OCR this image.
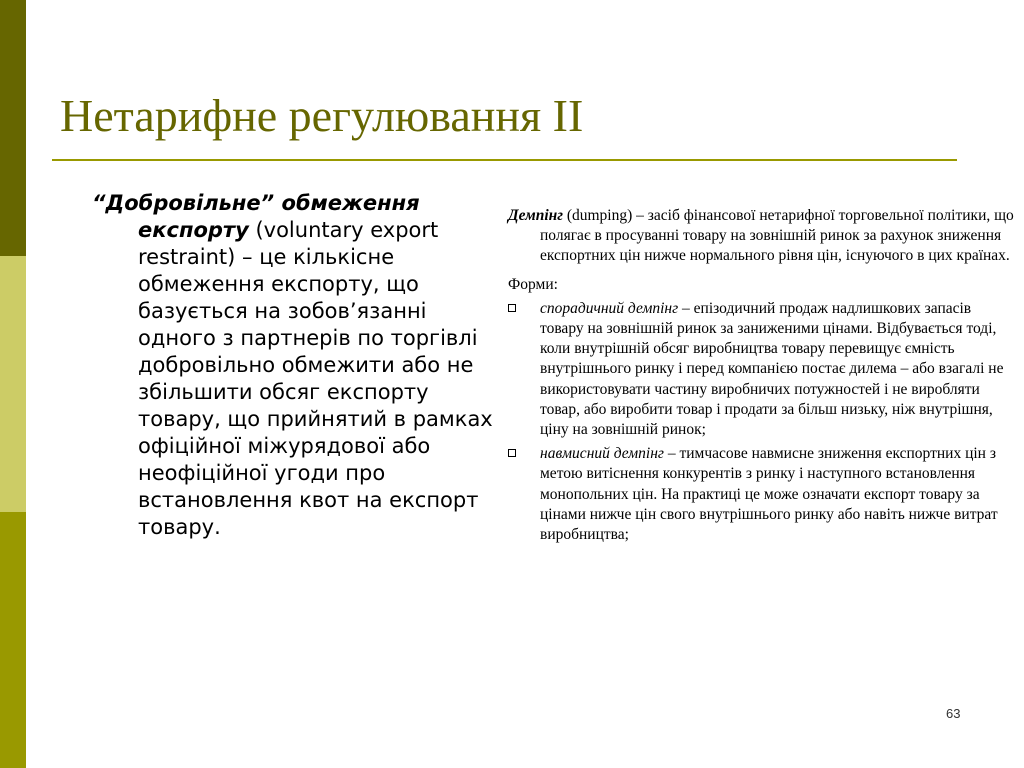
Нетарифне регулювання ІІ

“Добровільне” обмеження експорту (voluntary export restraint) – це кількісне обмеження експорту, що базується на зобов’язанні одного з партнерів по торгівлі добровільно обмежити або не збільшити обсяг експорту товару, що прийнятий в рамках офіційної міжурядової або неофіційної угоди про встановлення квот на експорт товару.

Демпінг (dumping) – засіб фінансової нетарифної торговельної політики, що полягає в просуванні товару на зовнішній ринок за рахунок зниження експортних цін нижче нормального рівня цін, існуючого в цих країнах.

Форми:

спорадичний демпінг – епізодичний продаж надлишкових запасів товару на зовнішній ринок за заниженими цінами. Відбувається тоді, коли внутрішній обсяг виробництва товару перевищує ємність внутрішнього ринку і перед компанією постає дилема – або взагалі не використовувати частину виробничих потужностей і не виробляти товар, або виробити товар і продати за більш низьку, ніж внутрішня, ціну на зовнішній ринок;
навмисний демпінг – тимчасове навмисне зниження експортних цін з метою витіснення конкурентів з ринку і наступного встановлення монопольних цін. На практиці це може означати експорт товару за цінами нижче цін свого внутрішнього ринку або навіть нижче витрат виробництва;
63
